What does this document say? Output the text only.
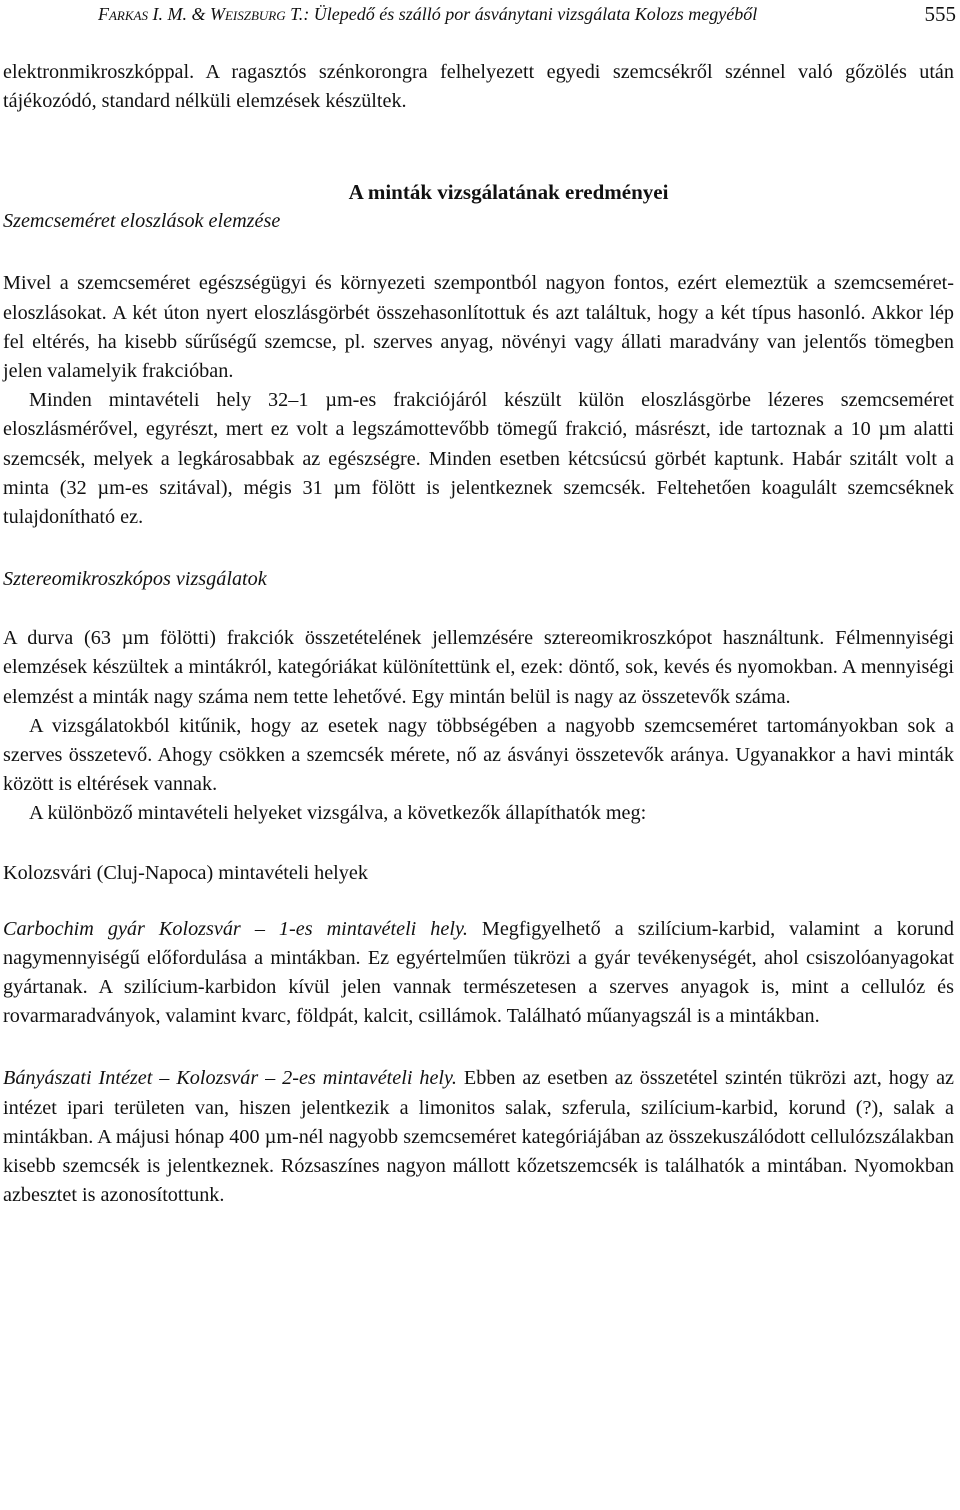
Farkas I. M. & Weiszburg T.: Ülepedő és szálló por ásványtani vizsgálata Kolozs megyéből	555

elektronmikroszkóppal. A ragasztós szénkorongra felhelyezett egyedi szemcsékről szénnel való gőzölés után tájékozódó, standard nélküli elemzések készültek.

A minták vizsgálatának eredményei
Szemcseméret eloszlások elemzése

Mivel a szemcseméret egészségügyi és környezeti szempontból nagyon fontos, ezért elemeztük a szemcseméret-eloszlásokat. A két úton nyert eloszlásgörbét összehasonlítottuk és azt találtuk, hogy a két típus hasonló. Akkor lép fel eltérés, ha kisebb sűrűségű szemcse, pl. szerves anyag, növényi vagy állati maradvány van jelentős tömegben jelen valamelyik frakcióban.

Minden mintavételi hely 32–1 µm-es frakciójáról készült külön eloszlásgörbe lézeres szemcseméret eloszlásmérővel, egyrészt, mert ez volt a legszámottevőbb tömegű frakció, másrészt, ide tartoznak a 10 µm alatti szemcsék, melyek a legkárosabbak az egészségre. Minden esetben kétcsúcsú görbét kaptunk. Habár szitált volt a minta (32 µm-es szitával), mégis 31 µm fölött is jelentkeznek szemcsék. Feltehetően koagulált szemcséknek tulajdonítható ez.

Sztereomikroszkópos vizsgálatok

A durva (63 µm fölötti) frakciók összetételének jellemzésére sztereomikroszkópot használtunk. Félmennyiségi elemzések készültek a mintákról, kategóriákat különítettünk el, ezek: döntő, sok, kevés és nyomokban. A mennyiségi elemzést a minták nagy száma nem tette lehetővé. Egy mintán belül is nagy az összetevők száma.

A vizsgálatokból kitűnik, hogy az esetek nagy többségében a nagyobb szemcseméret tartományokban sok a szerves összetevő. Ahogy csökken a szemcsék mérete, nő az ásványi összetevők aránya. Ugyanakkor a havi minták között is eltérések vannak.

A különböző mintavételi helyeket vizsgálva, a következők állapíthatók meg:

Kolozsvári (Cluj-Napoca) mintavételi helyek

Carbochim gyár Kolozsvár – 1-es mintavételi hely. Megfigyelhető a szilícium-karbid, valamint a korund nagymennyiségű előfordulása a mintákban. Ez egyértelműen tükrözi a gyár tevékenységét, ahol csiszolóanyagokat gyártanak. A szilícium-karbidon kívül jelen vannak természetesen a szerves anyagok is, mint a cellulóz és rovarmaradványok, valamint kvarc, földpát, kalcit, csillámok. Található műanyagszál is a mintákban.

Bányászati Intézet – Kolozsvár – 2-es mintavételi hely. Ebben az esetben az összetétel szintén tükrözi azt, hogy az intézet ipari területen van, hiszen jelentkezik a limonitos salak, szferula, szilícium-karbid, korund (?), salak a mintákban. A májusi hónap 400 µm-nél nagyobb szemcseméret kategóriájában az összekuszálódott cellulózszálakban kisebb szemcsék is jelentkeznek. Rózsaszínes nagyon mállott kőzetszemcsék is találhatók a mintában. Nyomokban azbesztet is azonosítottunk.
